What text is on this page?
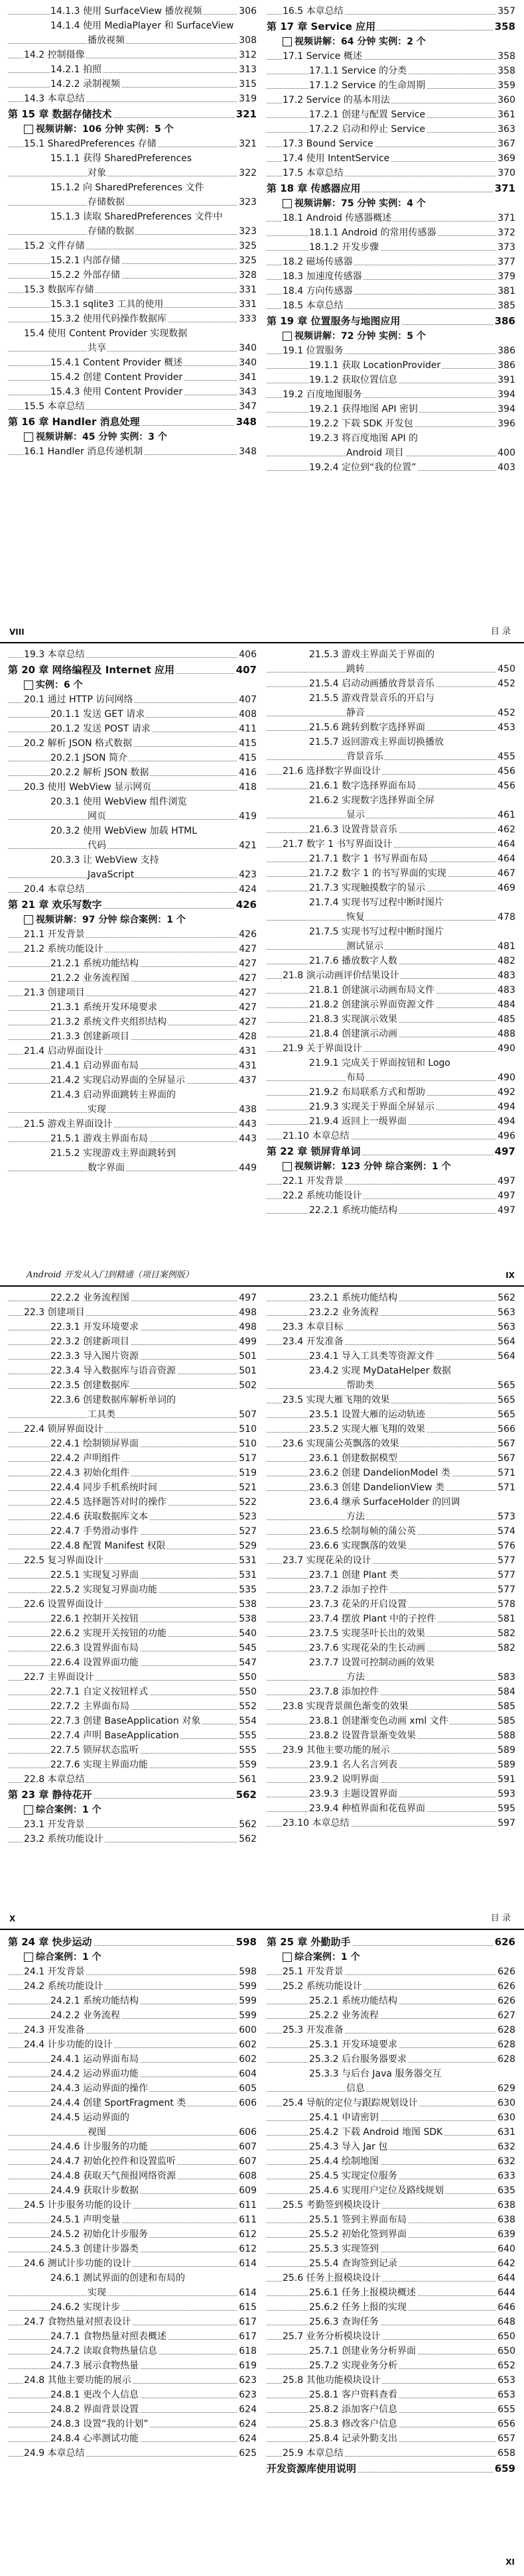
14.1.3 使用 SurfaceView 播放视频	306
14.1.4 使用 MediaPlayer 和 SurfaceView
播放视频	308
14.2 控制摄像	312
14.2.1 拍照	313
14.2.2 录制视频	315
14.3 本章总结	319
第 15 章 数据存储技术	321
视频讲解：106 分钟 实例：5 个
15.1 SharedPreferences 存储	321
15.1.1 获得 SharedPreferences
对象	322
15.1.2 向 SharedPreferences 文件
存储数据	323
15.1.3 读取 SharedPreferences 文件中
存储的数据	323
15.2 文件存储	325
15.2.1 内部存储	325
15.2.2 外部存储	328
15.3 数据库存储	331
15.3.1 sqlite3 工具的使用	331
15.3.2 使用代码操作数据库	333
15.4 使用 Content Provider 实现数据
共享	340
15.4.1 Content Provider 概述	340
15.4.2 创建 Content Provider	341
15.4.3 使用 Content Provider	343
15.5 本章总结	347
第 16 章 Handler 消息处理	348
视频讲解：45 分钟 实例：3 个
16.1 Handler 消息传递机制	348
16.5 本章总结	357
第 17 章 Service 应用	358
视频讲解：64 分钟 实例：2 个
17.1 Service 概述	358
17.1.1 Service 的分类	358
17.1.2 Service 的生命周期	359
17.2 Service 的基本用法	360
17.2.1 创建与配置 Service	361
17.2.2 启动和停止 Service	363
17.3 Bound Service	367
17.4 使用 IntentService	369
17.5 本章总结	370
第 18 章 传感器应用	371
视频讲解：75 分钟 实例：4 个
18.1 Android 传感器概述	371
18.1.1 Android 的常用传感器	372
18.1.2 开发步骤	373
18.2 磁场传感器	377
18.3 加速度传感器	379
18.4 方向传感器	381
18.5 本章总结	385
第 19 章 位置服务与地图应用	386
视频讲解：72 分钟 实例：5 个
19.1 位置服务	386
19.1.1 获取 LocationProvider	386
19.1.2 获取位置信息	391
19.2 百度地图服务	394
19.2.1 获得地图 API 密钥	394
19.2.2 下载 SDK 开发包	396
19.2.3 将百度地图 API 的
Android 项目	400
19.2.4 定位到“我的位置”	403
VIII	目 录
19.3 本章总结	406
第 20 章 网络编程及 Internet 应用	407
实例：6 个
20.1 通过 HTTP 访问网络	407
20.1.1 发送 GET 请求	408
20.1.2 发送 POST 请求	411
20.2 解析 JSON 格式数据	415
20.2.1 JSON 简介	415
20.2.2 解析 JSON 数据	416
20.3 使用 WebView 显示网页	418
20.3.1 使用 WebView 组件浏览
网页	419
20.3.2 使用 WebView 加载 HTML
代码	421
20.3.3 让 WebView 支持
JavaScript	423
20.4 本章总结	424
第 21 章 欢乐写数字	426
视频讲解：97 分钟 综合案例：1 个
21.1 开发背景	426
21.2 系统功能设计	427
21.2.1 系统功能结构	427
21.2.2 业务流程图	427
21.3 创建项目	427
21.3.1 系统开发环境要求	427
21.3.2 系统文件夹组织结构	427
21.3.3 创建新项目	428
21.4 启动界面设计	431
21.4.1 启动界面布局	431
21.4.2 实现启动界面的全屏显示	437
21.4.3 启动界面跳转主界面的
实现	438
21.5 游戏主界面设计	443
21.5.1 游戏主界面布局	443
21.5.2 实现游戏主界面跳转到
数字界面	449
21.5.3 游戏主界面关于界面的
跳转	450
21.5.4 启动动画播放背景音乐	452
21.5.5 游戏背景音乐的开启与
静音	452
21.5.6 跳转到数字选择界面	453
21.5.7 返回游戏主界面切换播放
背景音乐	455
21.6 选择数字界面设计	456
21.6.1 数字选择界面布局	456
21.6.2 实现数字选择界面全屏
显示	461
21.6.3 设置背景音乐	462
21.7 数字 1 书写界面设计	464
21.7.1 数字 1 书写界面布局	464
21.7.2 数字 1 的书写界面的实现	467
21.7.3 实现触摸数字的显示	469
21.7.4 实现书写过程中断时图片
恢复	478
21.7.5 实现书写过程中断时图片
测试显示	481
21.7.6 播放数字人数	482
21.8 演示动画评价结果设计	483
21.8.1 创建演示动画布局文件	483
21.8.2 创建演示界面资源文件	484
21.8.3 实现演示效果	485
21.8.4 创建演示动画	488
21.9 关于界面设计	490
21.9.1 完成关于界面按钮和 Logo
布局	490
21.9.2 布局联系方式和帮助	492
21.9.3 实现关于界面全屏显示	494
21.9.4 返回上一级界面	494
21.10 本章总结	496
第 22 章 锁屏背单词	497
视频讲解：123 分钟 综合案例：1 个
22.1 开发背景	497
22.2 系统功能设计	497
22.2.1 系统功能结构	497
IX
Android 开发从入门到精通（项目案例版）
22.2.2 业务流程图	497
22.3 创建项目	498
22.3.1 开发环境要求	498
22.3.2 创建新项目	499
22.3.3 导入图片资源	501
22.3.4 导入数据库与语音资源	501
22.3.5 创建数据库	502
22.3.6 创建数据库解析单词的
工具类	507
22.4 锁屏界面设计	510
22.4.1 绘制锁屏界面	510
22.4.2 声明组件	517
22.4.3 初始化组件	519
22.4.4 同步手机系统时间	521
22.4.5 选择题答对时的操作	522
22.4.6 获取数据库文本	523
22.4.7 手势滑动事件	527
22.4.8 配置 Manifest 权限	529
22.5 复习界面设计	531
22.5.1 实现复习界面	531
22.5.2 实现复习界面功能	535
22.6 设置界面设计	538
22.6.1 控制开关按钮	538
22.6.2 实现开关按钮的功能	540
22.6.3 设置界面布局	545
22.6.4 设置界面功能	547
22.7 主界面设计	550
22.7.1 自定义按钮样式	550
22.7.2 主界面布局	552
22.7.3 创建 BaseApplication 对象	554
22.7.4 声明 BaseApplication	555
22.7.5 锁屏状态监听	555
22.7.6 实现主界面功能	559
22.8 本章总结	561
第 23 章 静待花开	562
综合案例：1 个
23.1 开发背景	562
23.2 系统功能设计	562
23.2.1 系统功能结构	562
23.2.2 业务流程	563
23.3 本章目标	563
23.4 开发准备	564
23.4.1 导入工具类等资源文件	564
23.4.2 实现 MyDataHelper 数据
帮助类	565
23.5 实现大雁飞翔的效果	565
23.5.1 设置大雁的运动轨迹	565
23.5.2 实现大雁飞翔的效果	566
23.6 实现蒲公英飘落的效果	567
23.6.1 创建数据模型	567
23.6.2 创建 DandelionModel 类	571
23.6.3 创建 DandelionView 类	571
23.6.4 继承 SurfaceHolder 的回调
方法	573
23.6.5 绘制每帧的蒲公英	574
23.6.6 实现飘落的效果	576
23.7 实现花朵的设计	577
23.7.1 创建 Plant 类	577
23.7.2 添加子控件	577
23.7.3 花朵的开启设置	578
23.7.4 摆放 Plant 中的子控件	581
23.7.5 实现茎叶长出的效果	582
23.7.6 实现花朵的生长动画	582
23.7.7 设置可控制动画的效果
方法	583
23.7.8 添加控件	584
23.8 实现背景颜色渐变的效果	585
23.8.1 创建渐变色动画 xml 文件	585
23.8.2 设置背景渐变效果	588
23.9 其他主要功能的展示	589
23.9.1 名人名言列表	589
23.9.2 说明界面	591
23.9.3 主题设置界面	593
23.9.4 种植界面和花苞界面	595
23.10 本章总结	597
X	目 录
第 24 章 快步运动	598
综合案例：1 个
24.1 开发背景	598
24.2 系统功能设计	599
24.2.1 系统功能结构	599
24.2.2 业务流程	599
24.3 开发准备	600
24.4 计步功能的设计	602
24.4.1 运动界面布局	602
24.4.2 运动界面功能	604
24.4.3 运动界面的操作	605
24.4.4 创建 SportFragment 类	606
24.4.5 运动界面的
视图	606
24.4.6 计步服务的功能	607
24.4.7 初始化控件和设置监听	607
24.4.8 获取天气预报网络资源	608
24.4.9 获取计步数据	609
24.5 计步服务功能的设计	611
24.5.1 声明变量	611
24.5.2 初始化计步服务	612
24.5.3 创建计步器类	612
24.6 测试计步功能的设计	614
24.6.1 测试界面的创建和布局的
实现	614
24.6.2 实现计步	615
24.7 食物热量对照表设计	617
24.7.1 食物热量对照表概述	617
24.7.2 读取食物热量信息	618
24.7.3 展示食物热量	619
24.8 其他主要功能的展示	623
24.8.1 更改个人信息	623
24.8.2 界面背景设置	624
24.8.3 设置“我的计划”	624
24.8.4 心率测试功能	624
24.9 本章总结	625
第 25 章 外勤助手	626
综合案例：1 个
25.1 开发背景	626
25.2 系统功能设计	626
25.2.1 系统功能结构	626
25.2.2 业务流程	627
25.3 开发准备	628
25.3.1 开发环境要求	628
25.3.2 后台服务器要求	628
25.3.3 与后台 Java 服务器交互
信息	629
25.4 导航的定位与跟踪规划设计	630
25.4.1 申请密钥	630
25.4.2 下载 Android 地图 SDK	631
25.4.3 导入 Jar 包	632
25.4.4 绘制地图	632
25.4.5 实现定位服务	633
25.4.6 实现用户定位及路线规划	635
25.5 考勤签到模块设计	638
25.5.1 签到主界面布局	638
25.5.2 初始化签到界面	639
25.5.3 实现签到	640
25.5.4 查询签到记录	642
25.6 任务上报模块设计	644
25.6.1 任务上报模块概述	644
25.6.2 任务上报的实现	646
25.6.3 查询任务	648
25.7 业务分析模块设计	650
25.7.1 创建业务分析界面	650
25.7.2 实现业务分析	652
25.8 其他功能模块设计	653
25.8.1 客户资料查看	653
25.8.2 添加客户信息	655
25.8.3 修改客户信息	656
25.8.4 记录外勤支出	657
25.9 本章总结	658
开发资源库使用说明	659
XI
